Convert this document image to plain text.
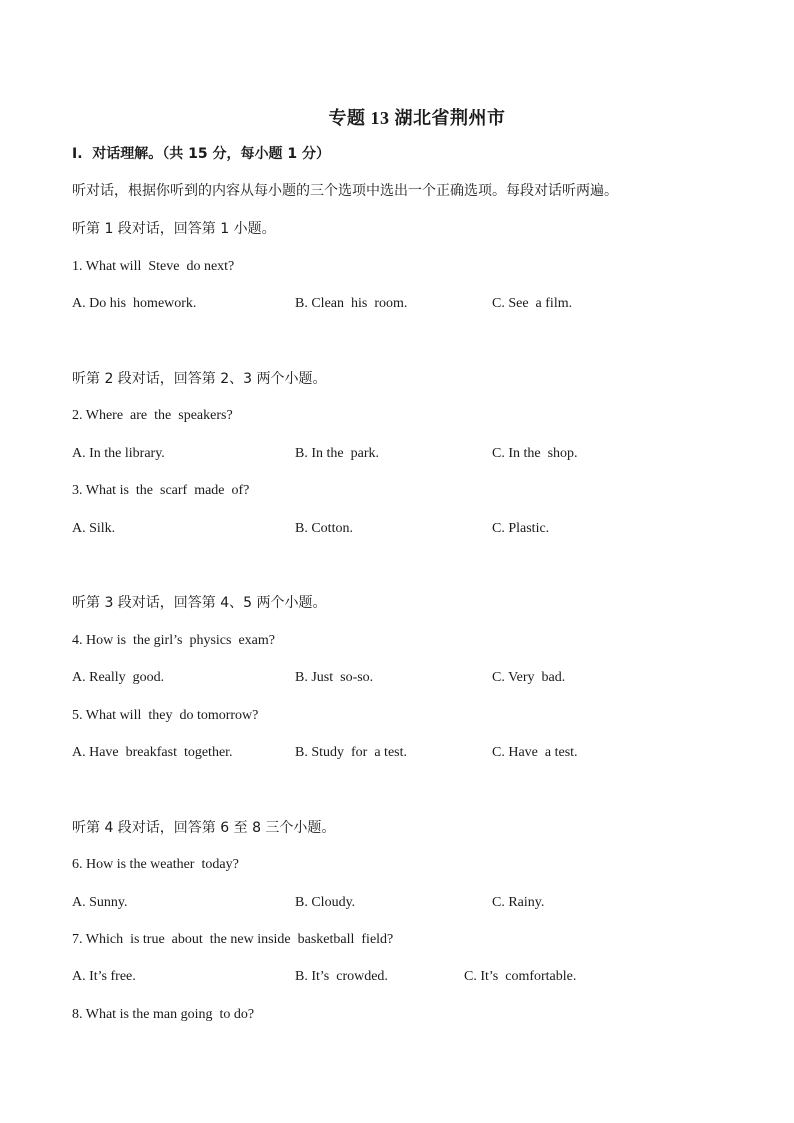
专题 13 湖北省荆州市
I.  对话理解。（共 15 分，每小题 1 分）
听对话，根据你听到的内容从每小题的三个选项中选出一个正确选项。每段对话听两遍。
听第 1 段对话，回答第 1 小题。
1. What will  Steve  do next?
A. Do his  homework.	B. Clean  his  room.	C. See  a film.
听第 2 段对话，回答第 2、3 两个小题。
2. Where  are  the  speakers?
A. In the library.	B. In the  park.	C. In the  shop.
3. What is  the  scarf  made  of?
A. Silk.	B. Cotton.	C. Plastic.
听第 3 段对话，回答第 4、5 两个小题。
4. How is  the girl’s  physics  exam?
A. Really  good.	B. Just  so-so.	C. Very  bad.
5. What will  they  do tomorrow?
A. Have  breakfast  together.	B. Study  for  a test.	C. Have  a test.
听第 4 段对话，回答第 6 至 8 三个小题。
6. How is the weather  today?
A. Sunny.	B. Cloudy.	C. Rainy.
7. Which  is true  about  the new inside  basketball  field?
A. It’s free.	B. It’s  crowded.	C. It’s  comfortable.
8. What is the man going  to do?
